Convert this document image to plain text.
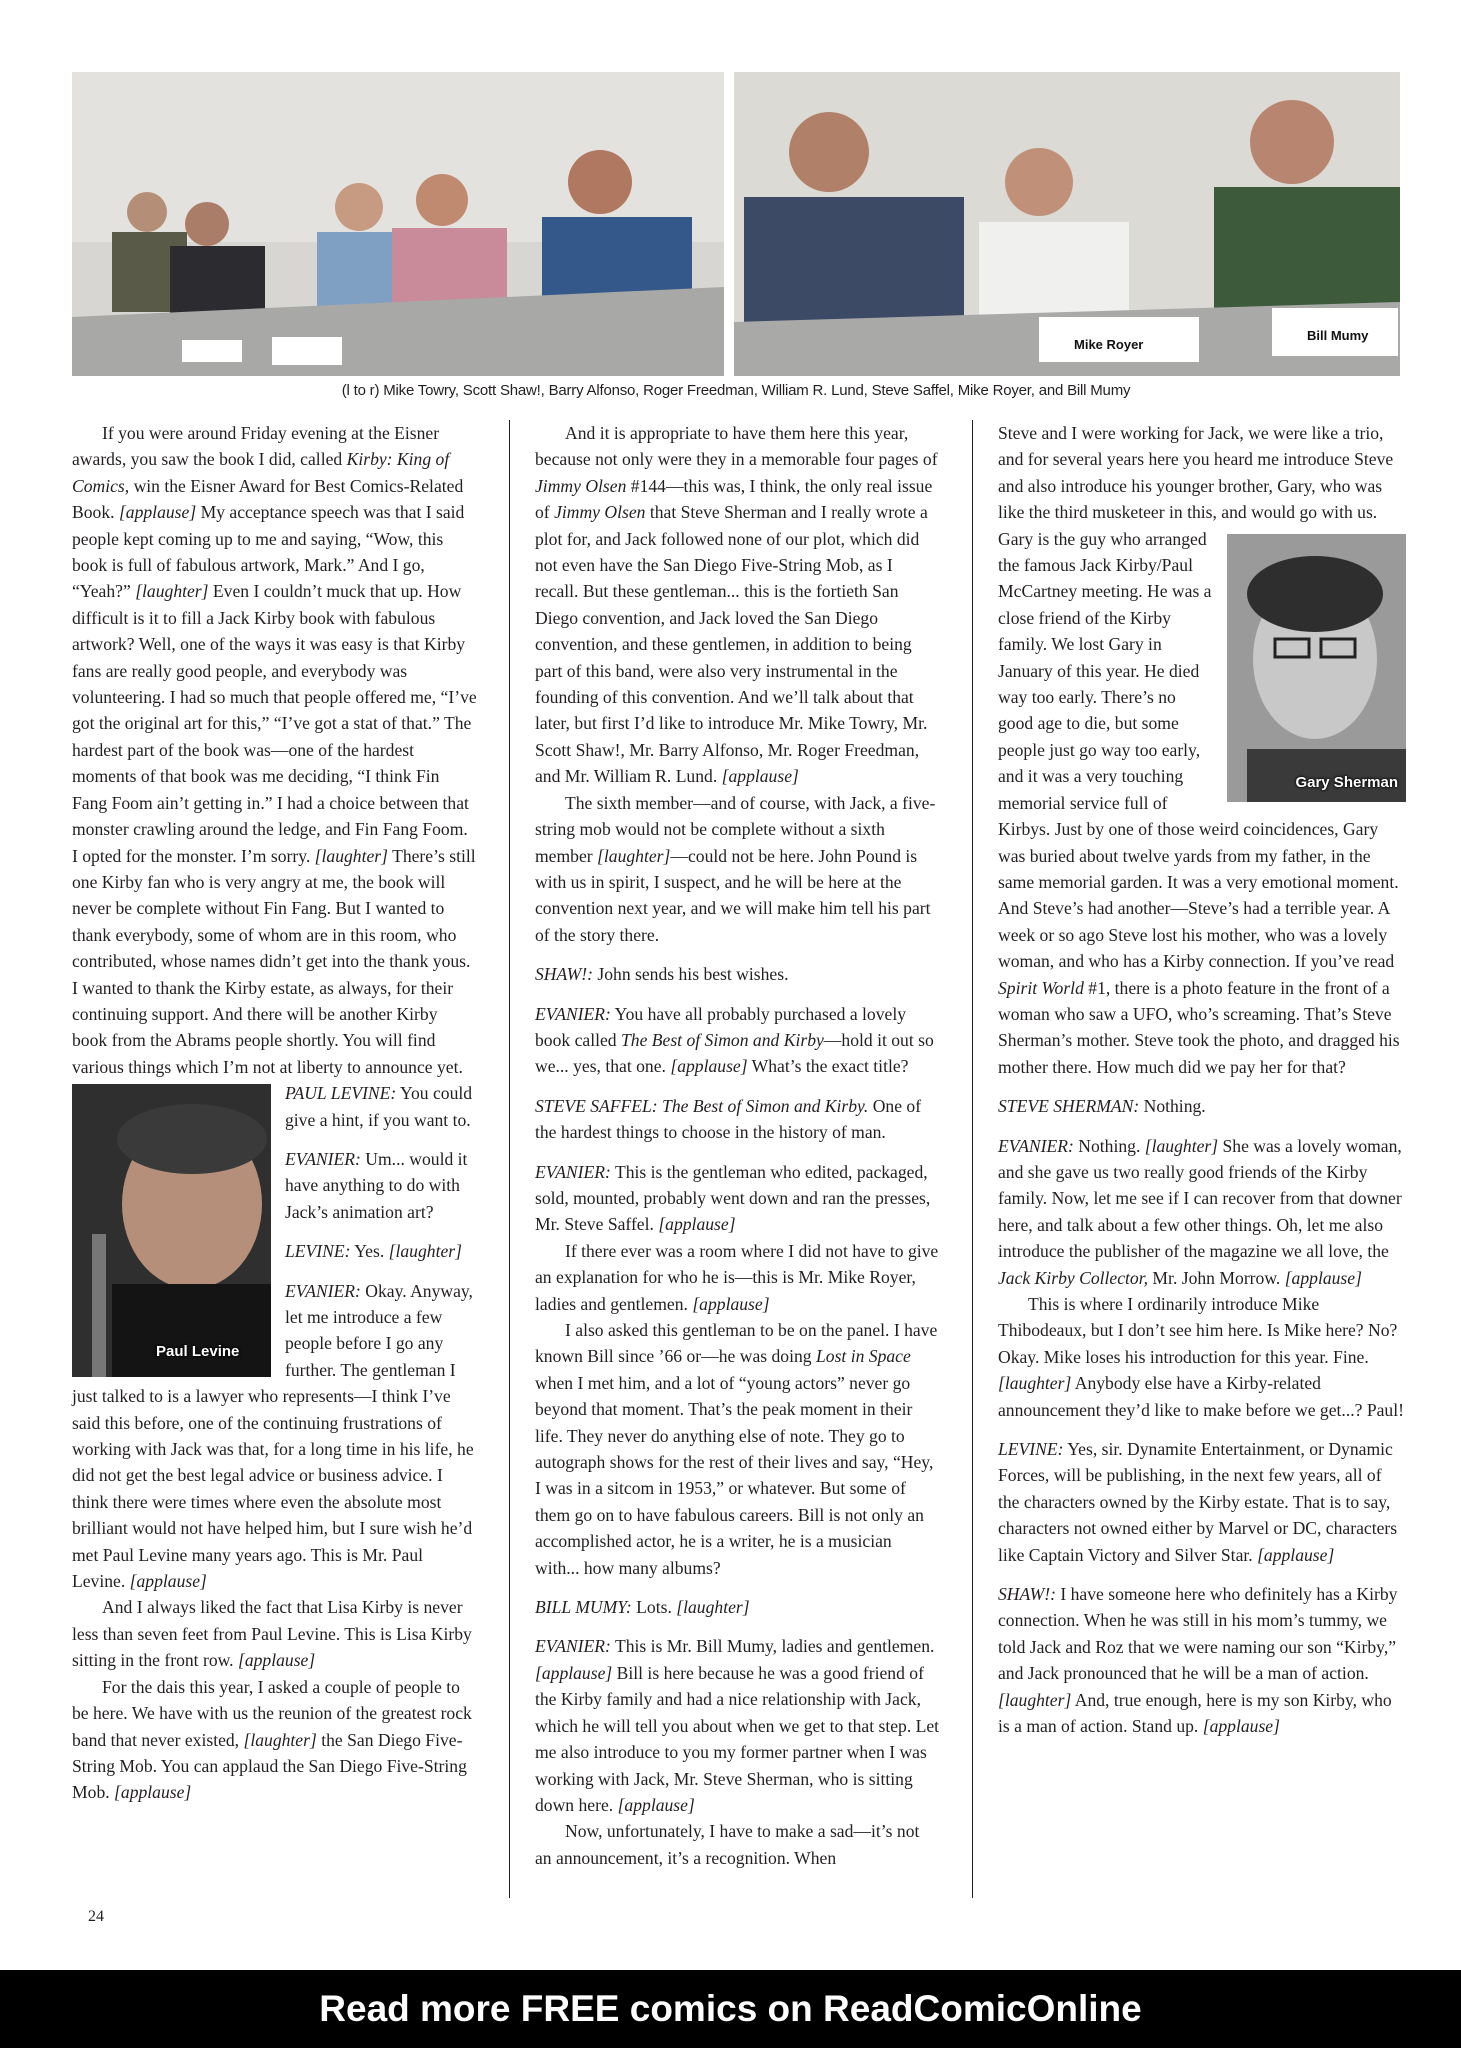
Mike Royer
Bill Mumy
(l to r) Mike Towry, Scott Shaw!, Barry Alfonso, Roger Freedman, William R. Lund, Steve Saffel, Mike Royer, and Bill Mumy

If you were around Friday evening at the Eisner awards, you saw the book I did, called Kirby: King of Comics, win the Eisner Award for Best Comics-Related Book. [applause] My acceptance speech was that I said people kept coming up to me and saying, “Wow, this book is full of fabulous artwork, Mark.” And I go, “Yeah?” [laughter] Even I couldn’t muck that up. How difficult is it to fill a Jack Kirby book with fabulous artwork? Well, one of the ways it was easy is that Kirby fans are really good people, and everybody was volunteering. I had so much that people offered me, “I’ve got the original art for this,” “I’ve got a stat of that.” The hardest part of the book was—one of the hardest moments of that book was me deciding, “I think Fin Fang Foom ain’t getting in.” I had a choice between that monster crawling around the ledge, and Fin Fang Foom. I opted for the monster. I’m sorry. [laughter] There’s still one Kirby fan who is very angry at me, the book will never be complete without Fin Fang. But I wanted to thank everybody, some of whom are in this room, who contributed, whose names didn’t get into the thank yous. I wanted to thank the Kirby estate, as always, for their continuing support. And there will be another Kirby book from the Abrams people shortly. You will find various things which I’m not at liberty to announce yet.

Paul Levine

PAUL LEVINE: You could give a hint, if you want to.

EVANIER: Um... would it have anything to do with Jack’s animation art?

LEVINE: Yes. [laughter]

EVANIER: Okay. Anyway, let me introduce a few people before I go any further. The gentleman I just talked to is a lawyer who represents—I think I’ve said this before, one of the continuing frustrations of working with Jack was that, for a long time in his life, he did not get the best legal advice or business advice. I think there were times where even the absolute most brilliant would not have helped him, but I sure wish he’d met Paul Levine many years ago. This is Mr. Paul Levine. [applause]

And I always liked the fact that Lisa Kirby is never less than seven feet from Paul Levine. This is Lisa Kirby sitting in the front row. [applause]

For the dais this year, I asked a couple of people to be here. We have with us the reunion of the greatest rock band that never existed, [laughter] the San Diego Five-String Mob. You can applaud the San Diego Five-String Mob. [applause]

And it is appropriate to have them here this year, because not only were they in a memorable four pages of Jimmy Olsen #144—this was, I think, the only real issue of Jimmy Olsen that Steve Sherman and I really wrote a plot for, and Jack followed none of our plot, which did not even have the San Diego Five-String Mob, as I recall. But these gentleman... this is the fortieth San Diego convention, and Jack loved the San Diego convention, and these gentlemen, in addition to being part of this band, were also very instrumental in the founding of this convention. And we’ll talk about that later, but first I’d like to introduce Mr. Mike Towry, Mr. Scott Shaw!, Mr. Barry Alfonso, Mr. Roger Freedman, and Mr. William R. Lund. [applause]

The sixth member—and of course, with Jack, a five-string mob would not be complete without a sixth member [laughter]—could not be here. John Pound is with us in spirit, I suspect, and he will be here at the convention next year, and we will make him tell his part of the story there.

SHAW!: John sends his best wishes.

EVANIER: You have all probably purchased a lovely book called The Best of Simon and Kirby—hold it out so we... yes, that one. [applause] What’s the exact title?

STEVE SAFFEL: The Best of Simon and Kirby. One of the hardest things to choose in the history of man.

EVANIER: This is the gentleman who edited, packaged, sold, mounted, probably went down and ran the presses, Mr. Steve Saffel. [applause]

If there ever was a room where I did not have to give an explanation for who he is—this is Mr. Mike Royer, ladies and gentlemen. [applause]

I also asked this gentleman to be on the panel. I have known Bill since ’66 or—he was doing Lost in Space when I met him, and a lot of “young actors” never go beyond that moment. That’s the peak moment in their life. They never do anything else of note. They go to autograph shows for the rest of their lives and say, “Hey, I was in a sitcom in 1953,” or whatever. But some of them go on to have fabulous careers. Bill is not only an accomplished actor, he is a writer, he is a musician with... how many albums?

BILL MUMY: Lots. [laughter]

EVANIER: This is Mr. Bill Mumy, ladies and gentlemen. [applause] Bill is here because he was a good friend of the Kirby family and had a nice relationship with Jack, which he will tell you about when we get to that step. Let me also introduce to you my former partner when I was working with Jack, Mr. Steve Sherman, who is sitting down here. [applause]

Now, unfortunately, I have to make a sad—it’s not an announcement, it’s a recognition. When

Steve and I were working for Jack, we were like a trio, and for several years here you heard me introduce Steve and also introduce his younger brother, Gary, who was like the third musketeer in this, and would go with us. Gary is the guy who arranged the famous Jack Kirby/Paul McCartney meeting. He was a close friend of the Kirby family. We lost Gary in January of this year. He died way too early. There’s no good age to die, but some people just go way too early, and it was a very touching memorial service full of Kirbys. Just by one of those weird coincidences, Gary was buried about twelve yards from my father, in the same memorial garden. It was a very emotional moment. And Steve’s had another—Steve’s had a terrible year. A week or so ago Steve lost his mother, who was a lovely woman, and who has a Kirby connection. If you’ve read Spirit World #1, there is a photo feature in the front of a woman who saw a UFO, who’s screaming. That’s Steve Sherman’s mother. Steve took the photo, and dragged his mother there. How much did we pay her for that?

Gary Sherman

STEVE SHERMAN: Nothing.

EVANIER: Nothing. [laughter] She was a lovely woman, and she gave us two really good friends of the Kirby family. Now, let me see if I can recover from that downer here, and talk about a few other things. Oh, let me also introduce the publisher of the magazine we all love, the Jack Kirby Collector, Mr. John Morrow. [applause]

This is where I ordinarily introduce Mike Thibodeaux, but I don’t see him here. Is Mike here? No? Okay. Mike loses his introduction for this year. Fine. [laughter] Anybody else have a Kirby-related announcement they’d like to make before we get...? Paul!

LEVINE: Yes, sir. Dynamite Entertainment, or Dynamic Forces, will be publishing, in the next few years, all of the characters owned by the Kirby estate. That is to say, characters not owned either by Marvel or DC, characters like Captain Victory and Silver Star. [applause]

SHAW!: I have someone here who definitely has a Kirby connection. When he was still in his mom’s tummy, we told Jack and Roz that we were naming our son “Kirby,” and Jack pronounced that he will be a man of action. [laughter] And, true enough, here is my son Kirby, who is a man of action. Stand up. [applause]

24
Read more FREE comics on ReadComicOnline
